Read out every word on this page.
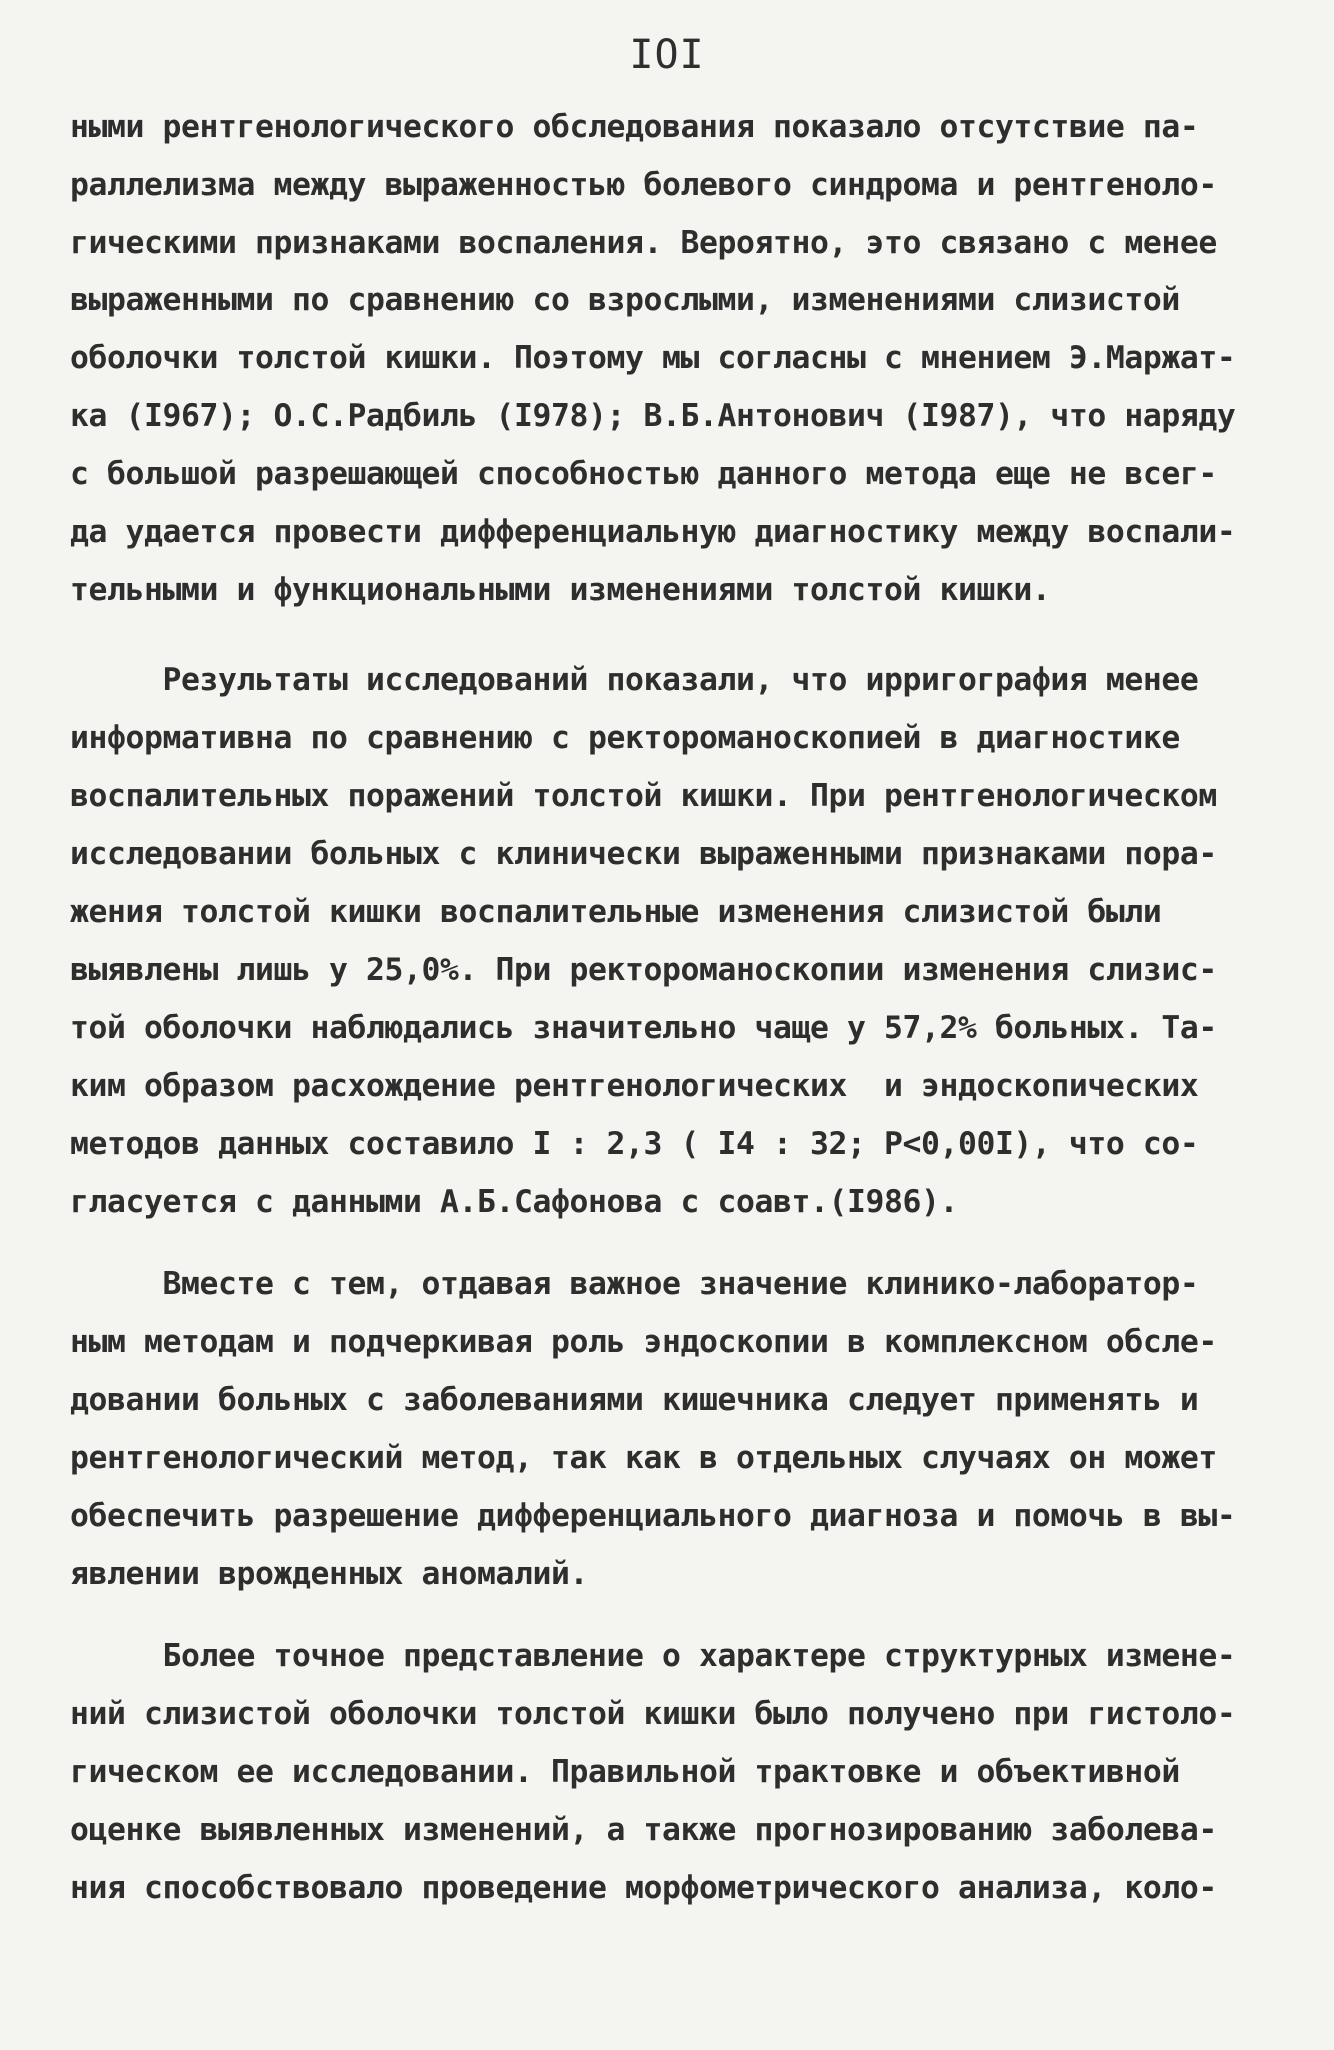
IOI
ными рентгенологического обследования показало отсутствие па-
раллелизма между выраженностью болевого синдрома и рентгеноло-
гическими признаками воспаления. Вероятно, это связано с менее
выраженными по сравнению со взрослыми, изменениями слизистой
оболочки толстой кишки. Поэтому мы согласны с мнением Э.Маржат-
ка (I967); О.С.Радбиль (I978); В.Б.Антонович (I987), что наряду
с большой разрешающей способностью данного метода еще не всег-
да удается провести дифференциальную диагностику между воспали-
тельными и функциональными изменениями толстой кишки.
Результаты исследований показали, что ирригография менее
информативна по сравнению с ректороманоскопией в диагностике
воспалительных поражений толстой кишки. При рентгенологическом
исследовании больных с клинически выраженными признаками пора-
жения толстой кишки воспалительные изменения слизистой были
выявлены лишь у 25,0%. При ректороманоскопии изменения слизис-
той оболочки наблюдались значительно чаще у 57,2% больных. Та-
ким образом расхождение рентгенологических  и эндоскопических
методов данных составило I : 2,3 ( I4 : 32; P<0,00I), что со-
гласуется с данными А.Б.Сафонова с соавт.(I986).
Вместе с тем, отдавая важное значение клинико-лаборатор-
ным методам и подчеркивая роль эндоскопии в комплексном обсле-
довании больных с заболеваниями кишечника следует применять и
рентгенологический метод, так как в отдельных случаях он может
обеспечить разрешение дифференциального диагноза и помочь в вы-
явлении врожденных аномалий.
Более точное представление о характере структурных измене-
ний слизистой оболочки толстой кишки было получено при гистоло-
гическом ее исследовании. Правильной трактовке и объективной
оценке выявленных изменений, а также прогнозированию заболева-
ния способствовало проведение морфометрического анализа, коло-
